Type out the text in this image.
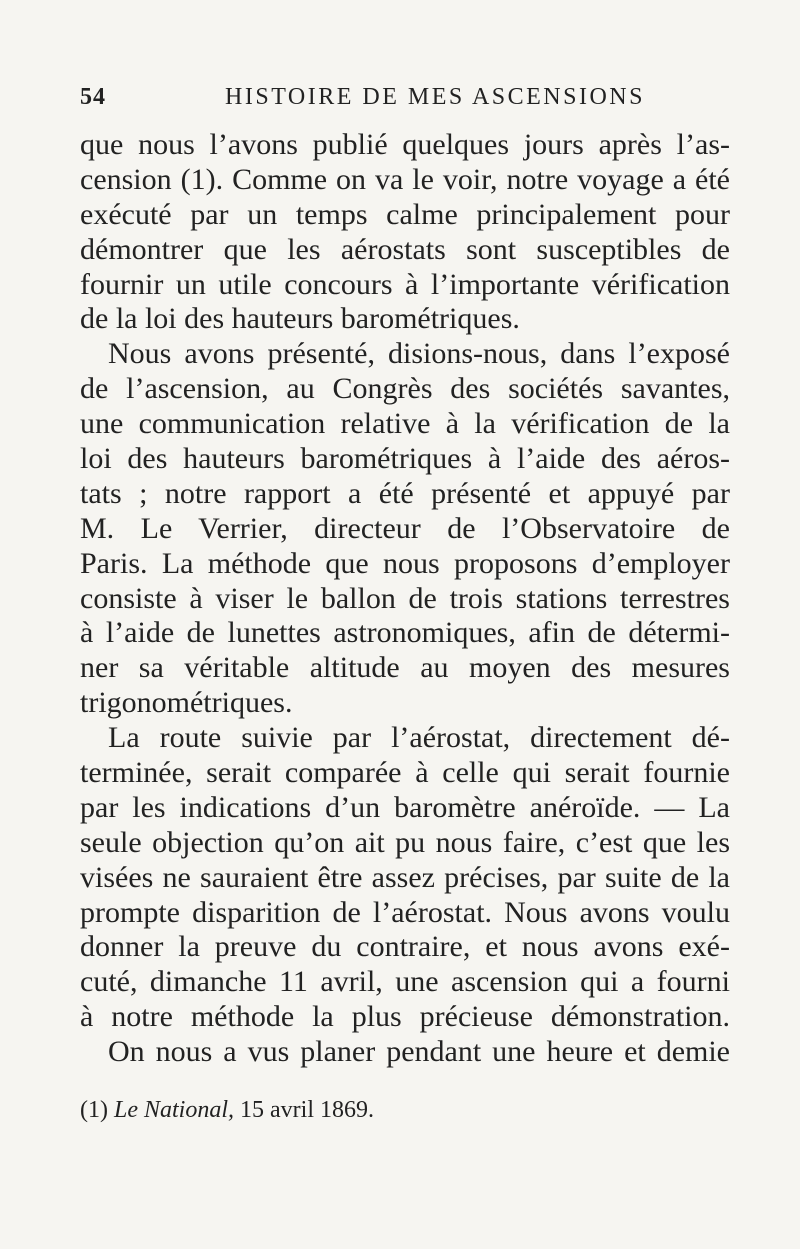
54	HISTOIRE DE MES ASCENSIONS
que nous l’avons publié quelques jours après l’as-
cension (1). Comme on va le voir, notre voyage a été
exécuté par un temps calme principalement pour
démontrer que les aérostats sont susceptibles de
fournir un utile concours à l’importante vérification
de la loi des hauteurs barométriques.
Nous avons présenté, disions-nous, dans l’exposé
de l’ascension, au Congrès des sociétés savantes,
une communication relative à la vérification de la
loi des hauteurs barométriques à l’aide des aéros-
tats ; notre rapport a été présenté et appuyé par
M. Le Verrier, directeur de l’Observatoire de
Paris. La méthode que nous proposons d’employer
consiste à viser le ballon de trois stations terrestres
à l’aide de lunettes astronomiques, afin de détermi-
ner sa véritable altitude au moyen des mesures
trigonométriques.
La route suivie par l’aérostat, directement dé-
terminée, serait comparée à celle qui serait fournie
par les indications d’un baromètre anéroïde. — La
seule objection qu’on ait pu nous faire, c’est que les
visées ne sauraient être assez précises, par suite de la
prompte disparition de l’aérostat. Nous avons voulu
donner la preuve du contraire, et nous avons exé-
cuté, dimanche 11 avril, une ascension qui a fourni
à notre méthode la plus précieuse démonstration.
On nous a vus planer pendant une heure et demie
(1) Le National, 15 avril 1869.
